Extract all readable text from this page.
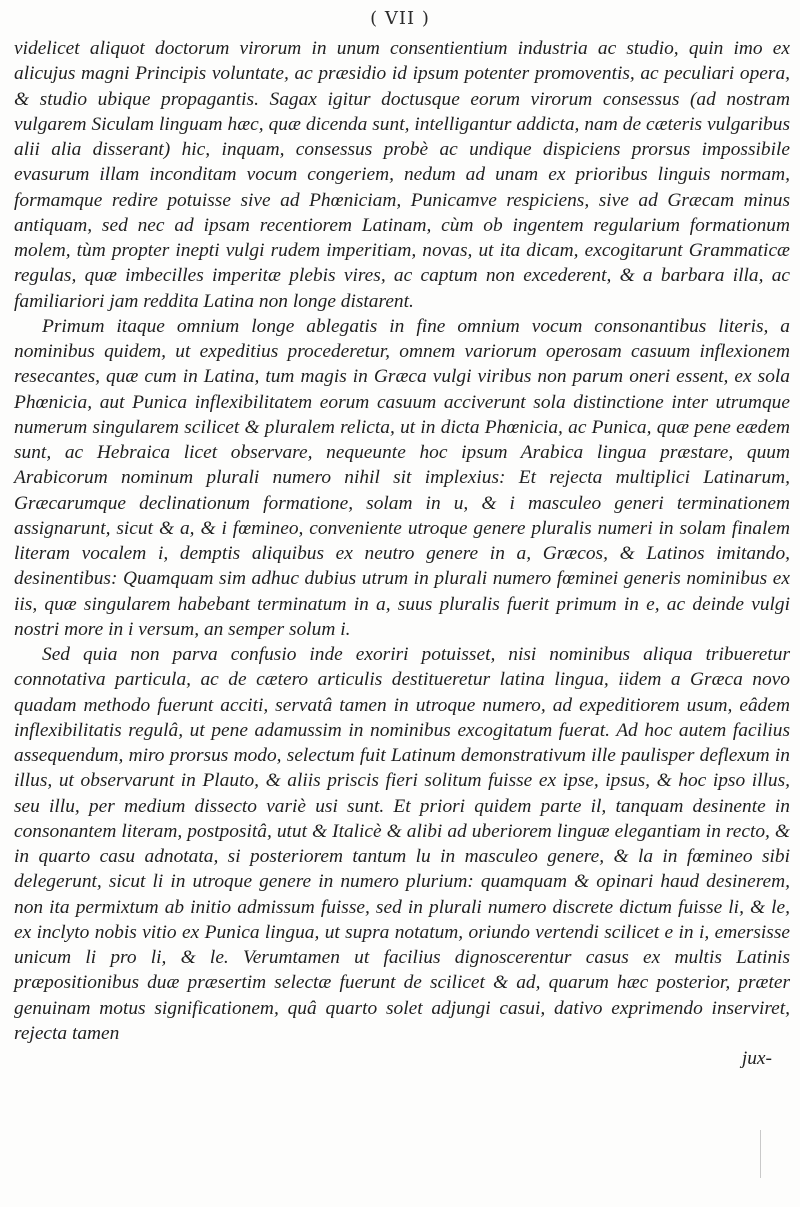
( VII )

videlicet aliquot doctorum virorum in unum consentientium industria ac studio, quin imo ex alicujus magni Principis voluntate, ac præsidio id ipsum potenter promoventis, ac peculiari opera, & studio ubique propagantis. Sagax igitur doctusque eorum virorum consessus (ad nostram vulgarem Siculam linguam hæc, quæ dicenda sunt, intelligantur addicta, nam de cæteris vulgaribus alii alia disserant) hic, inquam, consessus probè ac undique dispiciens prorsus impossibile evasurum illam inconditam vocum congeriem, nedum ad unam ex prioribus linguis normam, formamque redire potuisse sive ad Phœniciam, Punicamve respiciens, sive ad Græcam minus antiquam, sed nec ad ipsam recentiorem Latinam, cùm ob ingentem regularium formationum molem, tùm propter inepti vulgi rudem imperitiam, novas, ut ita dicam, excogitarunt Grammaticæ regulas, quæ imbecilles imperitæ plebis vires, ac captum non excederent, & a barbara illa, ac familiariori jam reddita Latina non longe distarent.

Primum itaque omnium longe ablegatis in fine omnium vocum consonantibus literis, a nominibus quidem, ut expeditius procederetur, omnem variorum operosam casuum inflexionem resecantes, quæ cum in Latina, tum magis in Græca vulgi viribus non parum oneri essent, ex sola Phœnicia, aut Punica inflexibilitatem eorum casuum acciverunt sola distinctione inter utrumque numerum singularem scilicet & pluralem relicta, ut in dicta Phœnicia, ac Punica, quæ pene eædem sunt, ac Hebraica licet observare, nequeunte hoc ipsum Arabica lingua præstare, quum Arabicorum nominum plurali numero nihil sit implexius: Et rejecta multiplici Latinarum, Græcarumque declinationum formatione, solam in u, & i masculeo generi terminationem assignarunt, sicut & a, & i fœmineo, conveniente utroque genere pluralis numeri in solam finalem literam vocalem i, demptis aliquibus ex neutro genere in a, Græcos, & Latinos imitando, desinentibus: Quamquam sim adhuc dubius utrum in plurali numero fœminei generis nominibus ex iis, quæ singularem habebant terminatum in a, suus pluralis fuerit primum in e, ac deinde vulgi nostri more in i versum, an semper solum i.

Sed quia non parva confusio inde exoriri potuisset, nisi nominibus aliqua tribueretur connotativa particula, ac de cætero articulis destitueretur latina lingua, iidem a Græca novo quadam methodo fuerunt acciti, servatâ tamen in utroque numero, ad expeditiorem usum, eâdem inflexibilitatis regulâ, ut pene adamussim in nominibus excogitatum fuerat. Ad hoc autem facilius assequendum, miro prorsus modo, selectum fuit Latinum demonstrativum ille paulisper deflexum in illus, ut observarunt in Plauto, & aliis priscis fieri solitum fuisse ex ipse, ipsus, & hoc ipso illus, seu illu, per medium dissecto variè usi sunt. Et priori quidem parte il, tanquam desinente in consonantem literam, postpositâ, utut & Italicè & alibi ad uberiorem linguæ elegantiam in recto, & in quarto casu adnotata, si posteriorem tantum lu in masculeo genere, & la in fœmineo sibi delegerunt, sicut li in utroque genere in numero plurium: quamquam & opinari haud desinerem, non ita permixtum ab initio admissum fuisse, sed in plurali numero discrete dictum fuisse li, & le, ex inclyto nobis vitio ex Punica lingua, ut supra notatum, oriundo vertendi scilicet e in i, emersisse unicum li pro li, & le. Verumtamen ut facilius dignoscerentur casus ex multis Latinis præpositionibus duæ præsertim selectæ fuerunt de scilicet & ad, quarum hæc posterior, præter genuinam motus significationem, quâ quarto solet adjungi casui, dativo exprimendo inserviret, rejecta tamen

jux-
